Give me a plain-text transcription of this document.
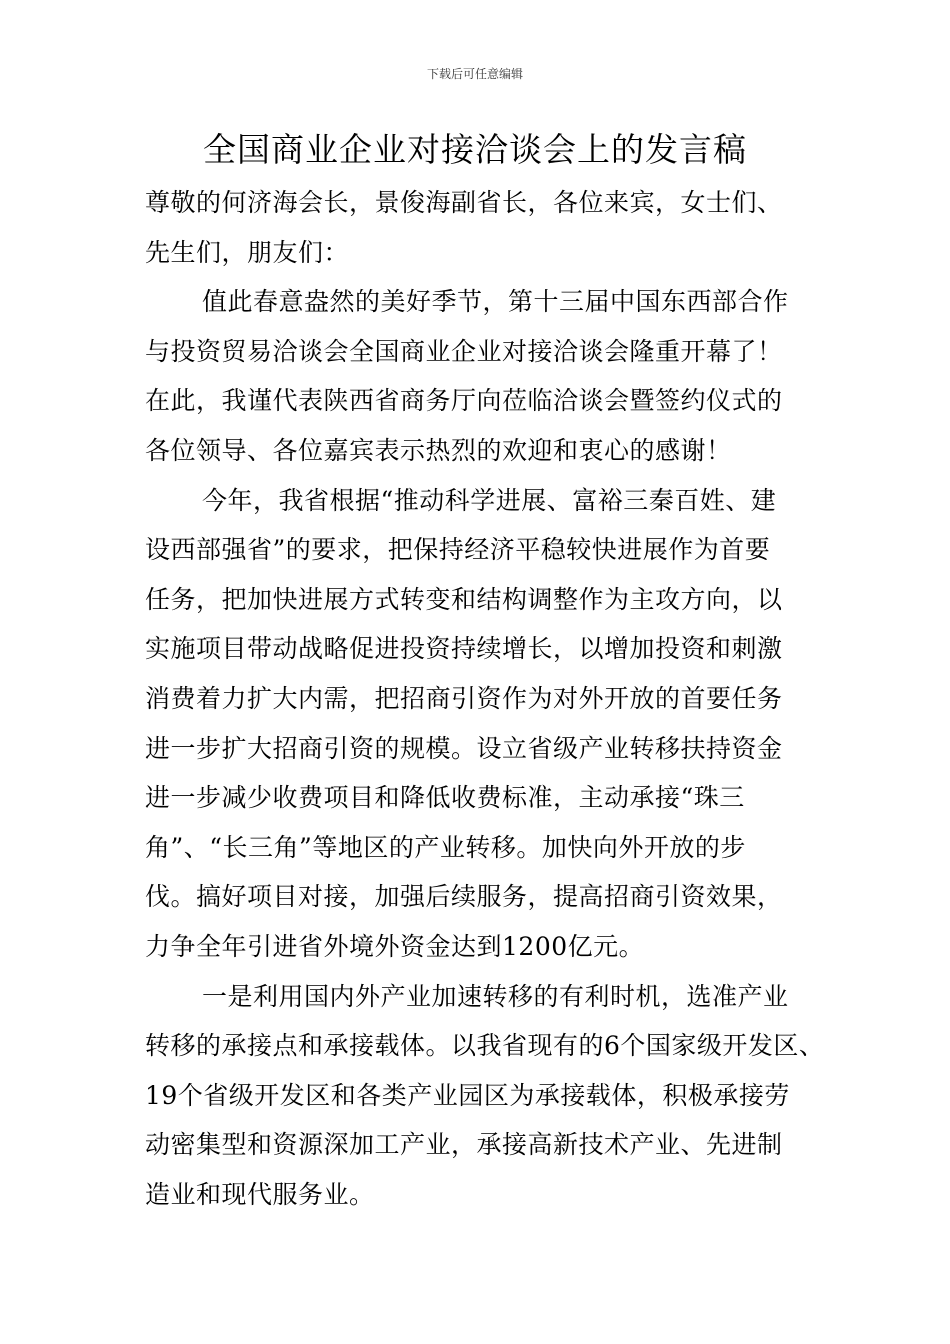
下载后可任意编辑
全国商业企业对接洽谈会上的发言稿
尊敬的何济海会长，景俊海副省长，各位来宾，女士们、
先生们，朋友们：
值此春意盎然的美好季节，第十三届中国东西部合作
与投资贸易洽谈会全国商业企业对接洽谈会隆重开幕了！
在此，我谨代表陕西省商务厅向莅临洽谈会暨签约仪式的
各位领导、各位嘉宾表示热烈的欢迎和衷心的感谢！
今年，我省根据“推动科学进展、富裕三秦百姓、建
设西部强省”的要求，把保持经济平稳较快进展作为首要
任务，把加快进展方式转变和结构调整作为主攻方向，以
实施项目带动战略促进投资持续增长，以增加投资和刺激
消费着力扩大内需，把招商引资作为对外开放的首要任务
进一步扩大招商引资的规模。设立省级产业转移扶持资金
进一步减少收费项目和降低收费标准，主动承接“珠三
角”、“长三角”等地区的产业转移。加快向外开放的步
伐。搞好项目对接，加强后续服务，提高招商引资效果，
力争全年引进省外境外资金达到1200亿元。
一是利用国内外产业加速转移的有利时机，选准产业
转移的承接点和承接载体。以我省现有的6个国家级开发区、
19个省级开发区和各类产业园区为承接载体，积极承接劳
动密集型和资源深加工产业，承接高新技术产业、先进制
造业和现代服务业。
